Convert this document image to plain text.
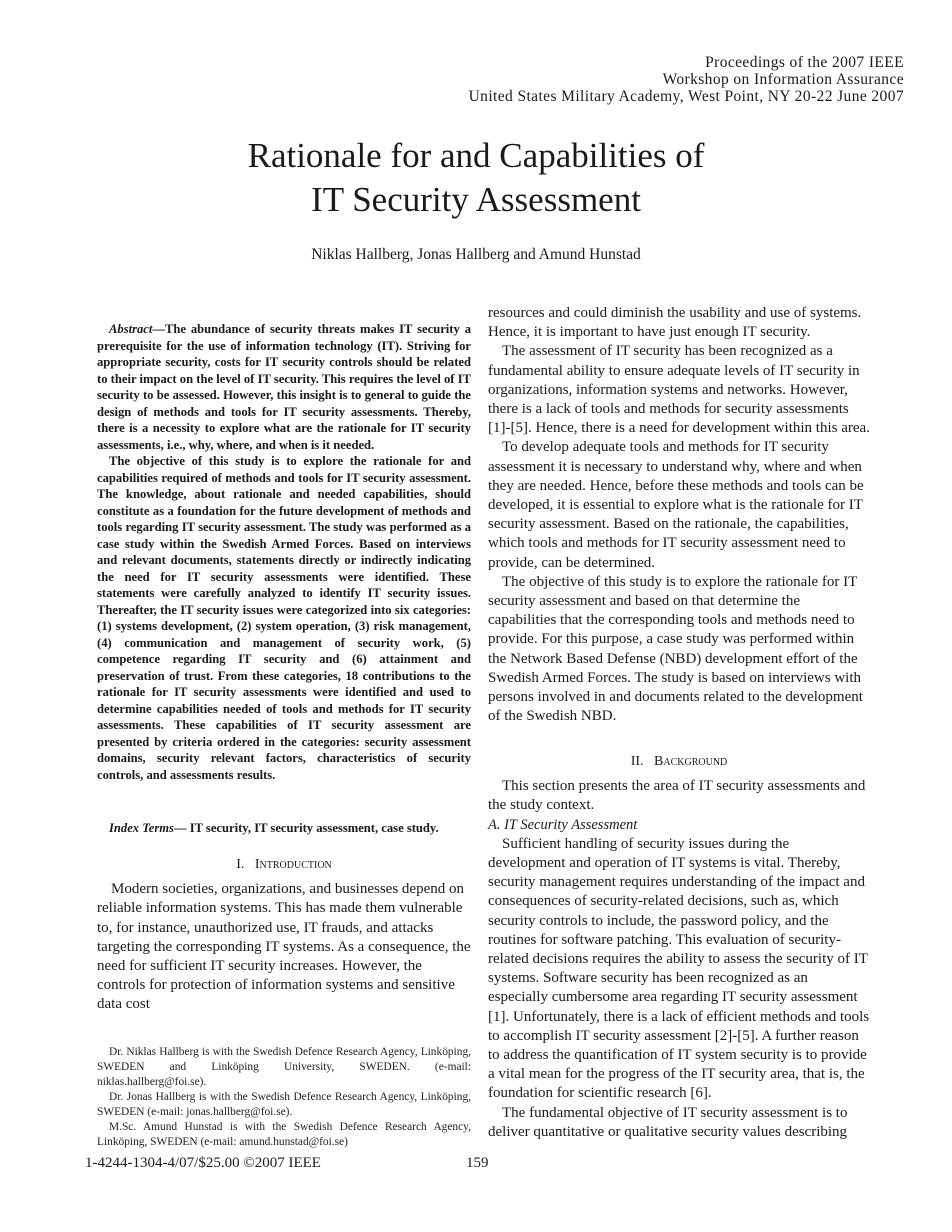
Proceedings of the 2007 IEEE
Workshop on Information Assurance
United States Military Academy, West Point, NY 20-22 June 2007
Rationale for and Capabilities of
IT Security Assessment
Niklas Hallberg, Jonas Hallberg and Amund Hunstad

Abstract—The abundance of security threats makes IT security a prerequisite for the use of information technology (IT). Striving for appropriate security, costs for IT security controls should be related to their impact on the level of IT security. This requires the level of IT security to be assessed. However, this insight is to general to guide the design of methods and tools for IT security assessments. Thereby, there is a necessity to explore what are the rationale for IT security assessments, i.e., why, where, and when is it needed.

The objective of this study is to explore the rationale for and capabilities required of methods and tools for IT security assessment. The knowledge, about rationale and needed capabilities, should constitute as a foundation for the future development of methods and tools regarding IT security assessment. The study was performed as a case study within the Swedish Armed Forces. Based on interviews and relevant documents, statements directly or indirectly indicating the need for IT security assessments were identified. These statements were carefully analyzed to identify IT security issues. Thereafter, the IT security issues were categorized into six categories: (1) systems development, (2) system operation, (3) risk management, (4) communication and management of security work, (5) competence regarding IT security and (6) attainment and preservation of trust. From these categories, 18 contributions to the rationale for IT security assessments were identified and used to determine capabilities needed of tools and methods for IT security assessments. These capabilities of IT security assessment are presented by criteria ordered in the categories: security assessment domains, security relevant factors, characteristics of security controls, and assessments results.

Index Terms— IT security, IT security assessment, case study.
I. Introduction

Modern societies, organizations, and businesses depend on reliable information systems. This has made them vulnerable to, for instance, unauthorized use, IT frauds, and attacks targeting the corresponding IT systems. As a consequence, the need for sufficient IT security increases. However, the controls for protection of information systems and sensitive data cost

Dr. Niklas Hallberg is with the Swedish Defence Research Agency, Linköping, SWEDEN and Linköping University, SWEDEN. (e-mail: niklas.hallberg@foi.se).

Dr. Jonas Hallberg is with the Swedish Defence Research Agency, Linköping, SWEDEN (e-mail: jonas.hallberg@foi.se).

M.Sc. Amund Hunstad is with the Swedish Defence Research Agency, Linköping, SWEDEN (e-mail: amund.hunstad@foi.se)

resources and could diminish the usability and use of systems. Hence, it is important to have just enough IT security.

The assessment of IT security has been recognized as a fundamental ability to ensure adequate levels of IT security in organizations, information systems and networks. However, there is a lack of tools and methods for security assessments [1]-[5]. Hence, there is a need for development within this area.

To develop adequate tools and methods for IT security assessment it is necessary to understand why, where and when they are needed. Hence, before these methods and tools can be developed, it is essential to explore what is the rationale for IT security assessment. Based on the rationale, the capabilities, which tools and methods for IT security assessment need to provide, can be determined.

The objective of this study is to explore the rationale for IT security assessment and based on that determine the capabilities that the corresponding tools and methods need to provide. For this purpose, a case study was performed within the Network Based Defense (NBD) development effort of the Swedish Armed Forces. The study is based on interviews with persons involved in and documents related to the development of the Swedish NBD.

II. Background

This section presents the area of IT security assessments and the study context.

A. IT Security Assessment

Sufficient handling of security issues during the development and operation of IT systems is vital. Thereby, security management requires understanding of the impact and consequences of security-related decisions, such as, which security controls to include, the password policy, and the routines for software patching. This evaluation of security-related decisions requires the ability to assess the security of IT systems. Software security has been recognized as an especially cumbersome area regarding IT security assessment [1]. Unfortunately, there is a lack of efficient methods and tools to accomplish IT security assessment [2]-[5]. A further reason to address the quantification of IT system security is to provide a vital mean for the progress of the IT security area, that is, the foundation for scientific research [6].

The fundamental objective of IT security assessment is to deliver quantitative or qualitative security values describing

1-4244-1304-4/07/$25.00 ©2007 IEEE	159
